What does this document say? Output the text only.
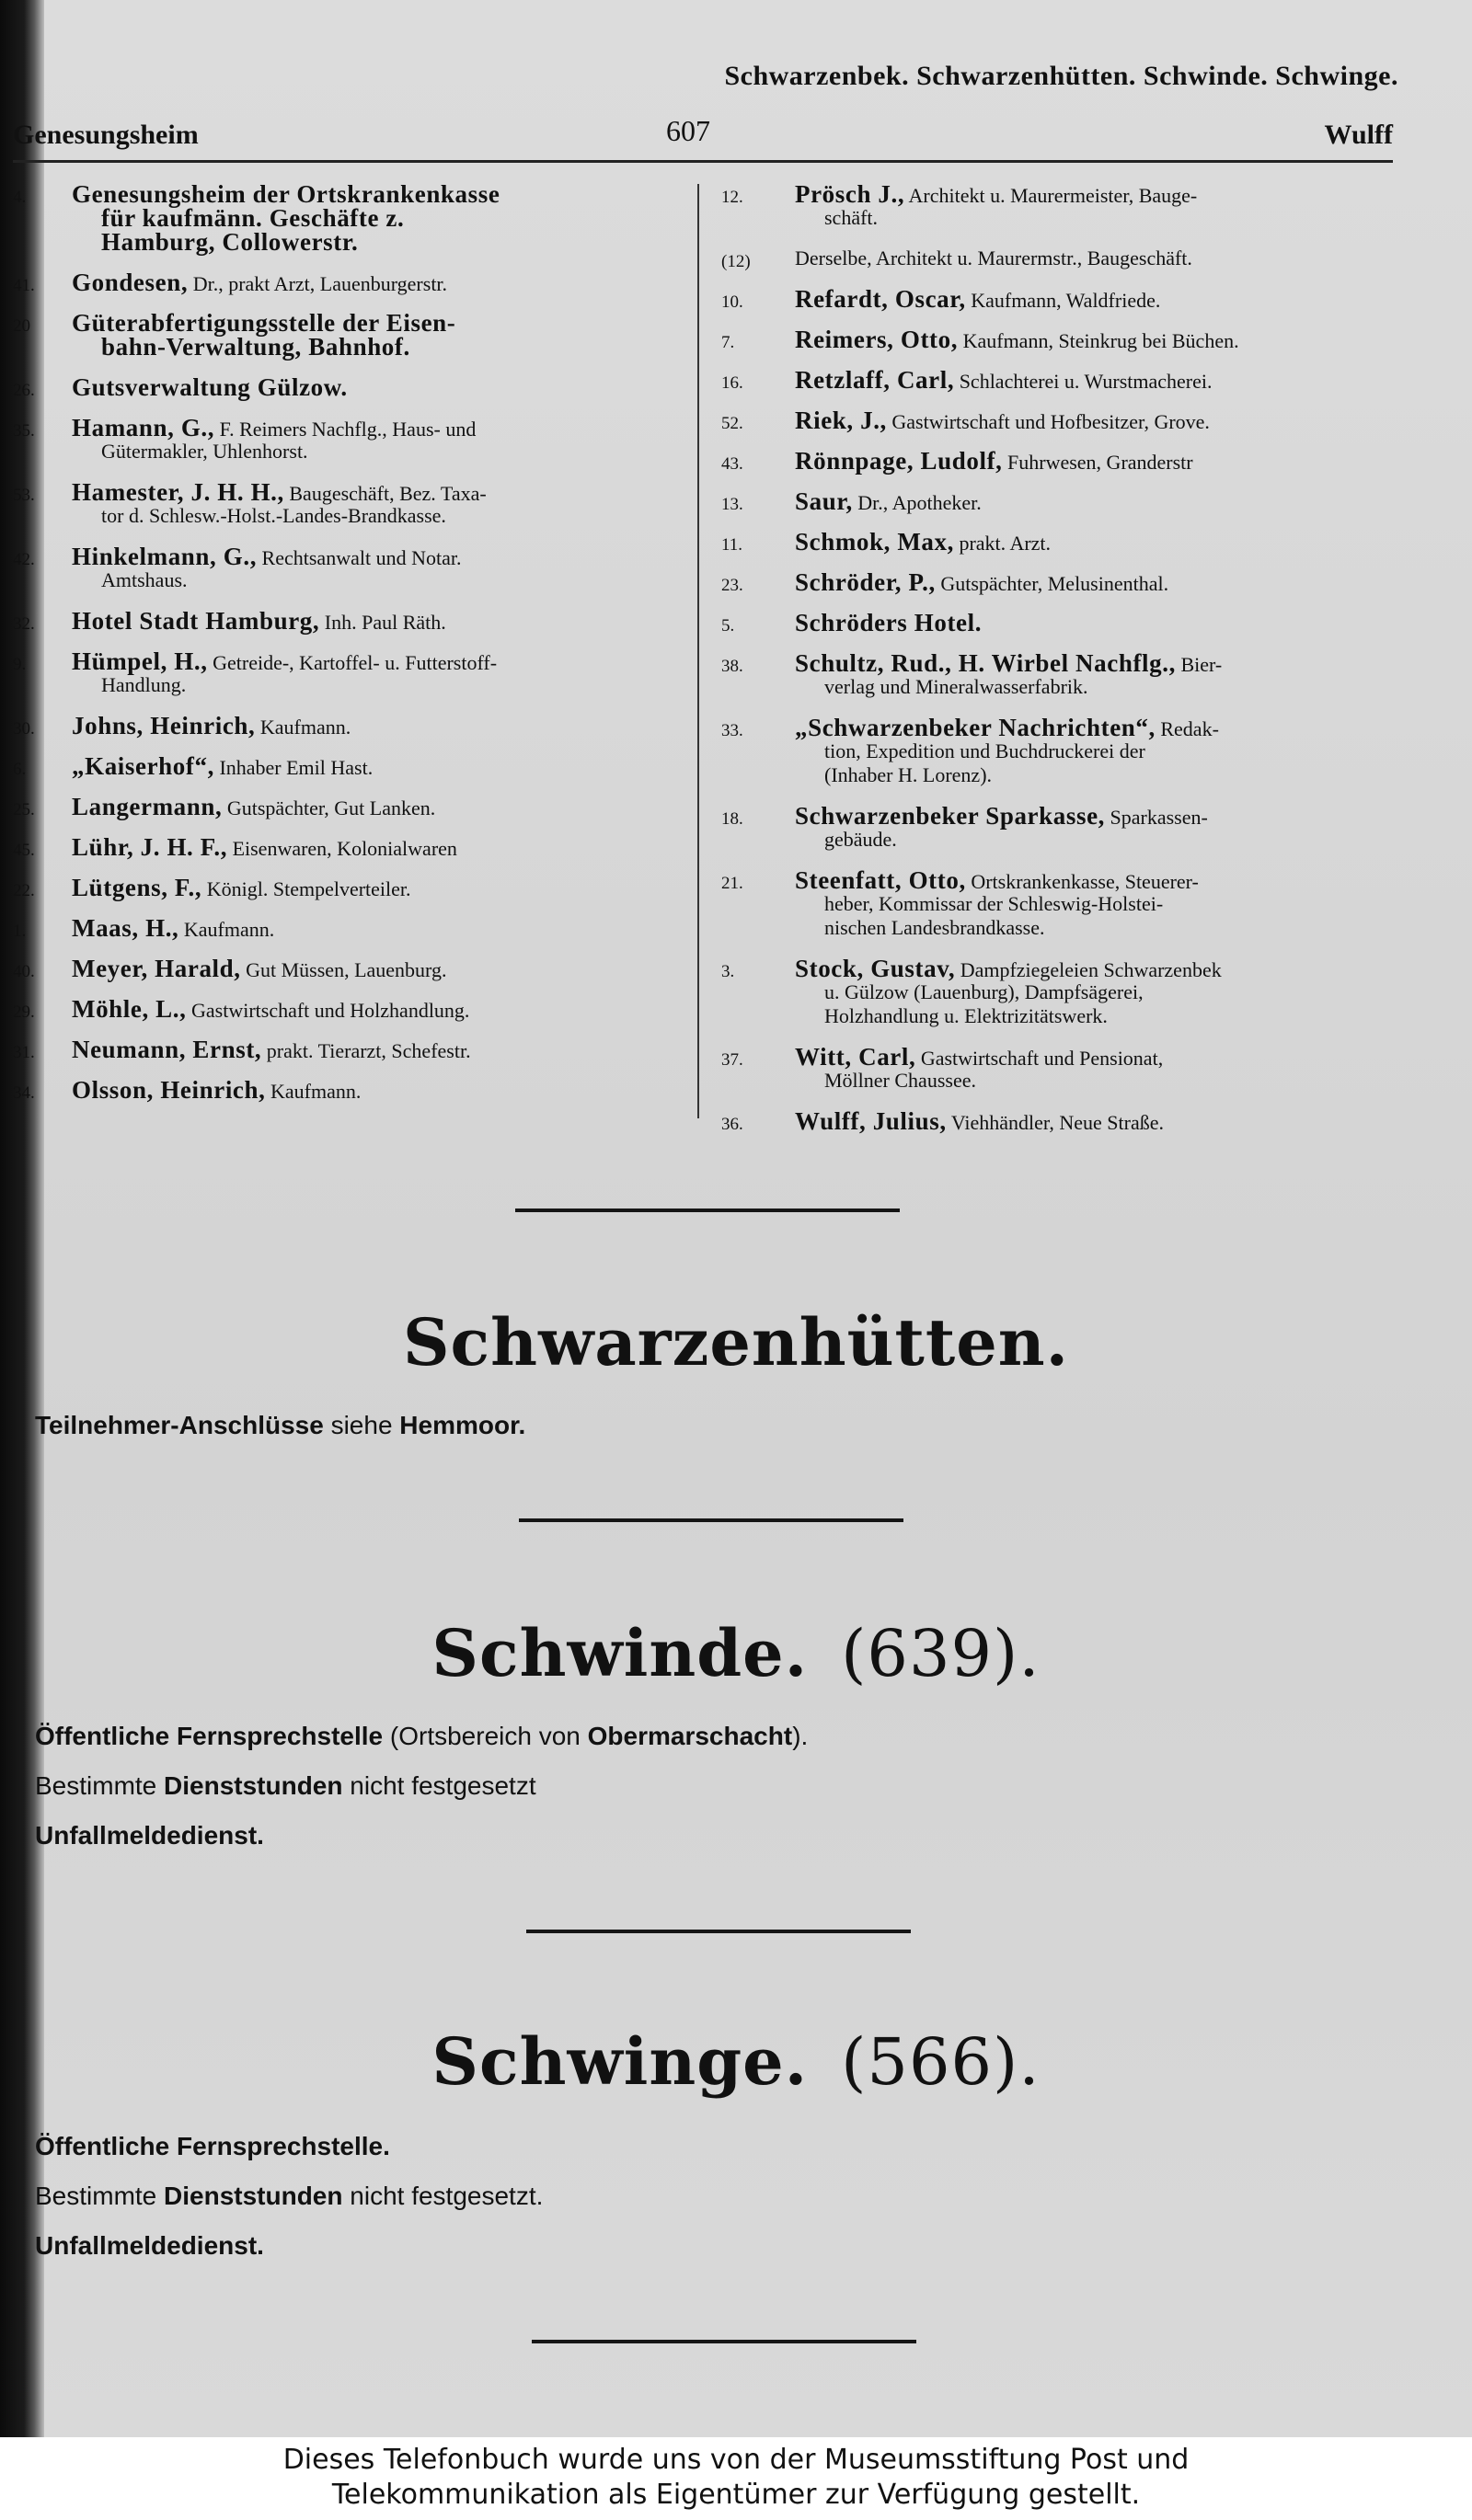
Schwarzenbek. Schwarzenhütten. Schwinde. Schwinge.
Genesungsheim	607	Wulff
4. Genesungsheim der Ortskrankenkasse
für kaufmänn. Geschäfte z.
Hamburg, Collowerstr.
41. Gondesen, Dr., prakt Arzt, Lauenburgerstr.
20 Güterabfertigungsstelle der Eisen-
bahn-Verwaltung, Bahnhof.
26. Gutsverwaltung Gülzow.
35. Hamann, G., F. Reimers Nachflg., Haus- und
Gütermakler, Uhlenhorst.
53. Hamester, J. H. H., Baugeschäft, Bez. Taxa-
tor d. Schlesw.-Holst.-Landes-Brandkasse.
42. Hinkelmann, G., Rechtsanwalt und Notar.
Amtshaus.
32. Hotel Stadt Hamburg, Inh. Paul Räth.
9. Hümpel, H., Getreide-, Kartoffel- u. Futterstoff-
Handlung.
30. Johns, Heinrich, Kaufmann.
6. „Kaiserhof“, Inhaber Emil Hast.
25. Langermann, Gutspächter, Gut Lanken.
45. Lühr, J. H. F., Eisenwaren, Kolonialwaren
22. Lütgens, F., Königl. Stempelverteiler.
1. Maas, H., Kaufmann.
40. Meyer, Harald, Gut Müssen, Lauenburg.
29. Möhle, L., Gastwirtschaft und Holzhandlung.
31. Neumann, Ernst, prakt. Tierarzt, Schefestr.
34. Olsson, Heinrich, Kaufmann.
12. Prösch J., Architekt u. Maurermeister, Bauge-
schäft.
(12) Derselbe, Architekt u. Maurermstr., Baugeschäft.
10. Refardt, Oscar, Kaufmann, Waldfriede.
7. Reimers, Otto, Kaufmann, Steinkrug bei Büchen.
16. Retzlaff, Carl, Schlachterei u. Wurstmacherei.
52. Riek, J., Gastwirtschaft und Hofbesitzer, Grove.
43. Rönnpage, Ludolf, Fuhrwesen, Granderstr
13. Saur, Dr., Apotheker.
11. Schmok, Max, prakt. Arzt.
23. Schröder, P., Gutspächter, Melusinenthal.
5. Schröders Hotel.
38. Schultz, Rud., H. Wirbel Nachflg., Bier-
verlag und Mineralwasserfabrik.
33. „Schwarzenbeker Nachrichten“, Redak-
tion, Expedition und Buchdruckerei der
(Inhaber H. Lorenz).
18. Schwarzenbeker Sparkasse, Sparkassen-
gebäude.
21. Steenfatt, Otto, Ortskrankenkasse, Steuerer-
heber, Kommissar der Schleswig-Holstei-
nischen Landesbrandkasse.
3. Stock, Gustav, Dampfziegeleien Schwarzenbek
u. Gülzow (Lauenburg), Dampfsägerei,
Holzhandlung u. Elektrizitätswerk.
37. Witt, Carl, Gastwirtschaft und Pensionat,
Möllner Chaussee.
36. Wulff, Julius, Viehhändler, Neue Straße.
Schwarzenhütten.
Teilnehmer-Anschlüsse siehe Hemmoor.
Schwinde. (639).
Öffentliche Fernsprechstelle (Ortsbereich von Obermarschacht).
Bestimmte Dienststunden nicht festgesetzt
Unfallmeldedienst.
Schwinge. (566).
Öffentliche Fernsprechstelle.
Bestimmte Dienststunden nicht festgesetzt.
Unfallmeldedienst.
Dieses Telefonbuch wurde uns von der Museumsstiftung Post und
Telekommunikation als Eigentümer zur Verfügung gestellt.
